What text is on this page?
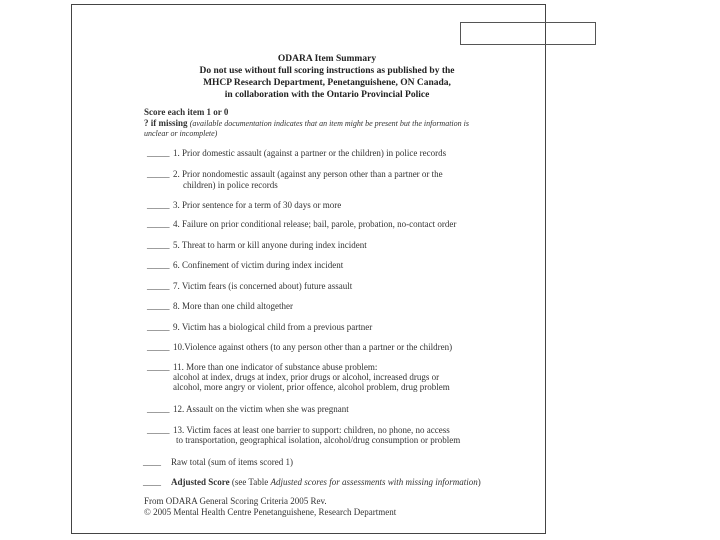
ODARA Item Summary
Do not use without full scoring instructions as published by the
MHCP Research Department, Penetanguishene, ON Canada,
in collaboration with the Ontario Provincial Police
Score each item 1 or 0
? if missing (available documentation indicates that an item might be present but the information is
unclear or incomplete)
_____ 1. Prior domestic assault (against a partner or the children) in police records
_____ 2. Prior nondomestic assault (against any person other than a partner or the
children) in police records
_____ 3. Prior sentence for a term of 30 days or more
_____ 4. Failure on prior conditional release; bail, parole, probation, no-contact order
_____ 5. Threat to harm or kill anyone during index incident
_____ 6. Confinement of victim during index incident
_____ 7. Victim fears (is concerned about) future assault
_____ 8. More than one child altogether
_____ 9. Victim has a biological child from a previous partner
_____ 10.Violence against others (to any person other than a partner or the children)
_____ 11. More than one indicator of substance abuse problem:
alcohol at index, drugs at index, prior drugs or alcohol, increased drugs or
alcohol, more angry or violent, prior offence, alcohol problem, drug problem
_____ 12. Assault on the victim when she was pregnant
_____ 13. Victim faces at least one barrier to support: children, no phone, no access
to transportation, geographical isolation, alcohol/drug consumption or problem
____ Raw total (sum of items scored 1)
____ Adjusted Score (see Table Adjusted scores for assessments with missing information)
From ODARA General Scoring Criteria 2005 Rev.
© 2005 Mental Health Centre Penetanguishene, Research Department
